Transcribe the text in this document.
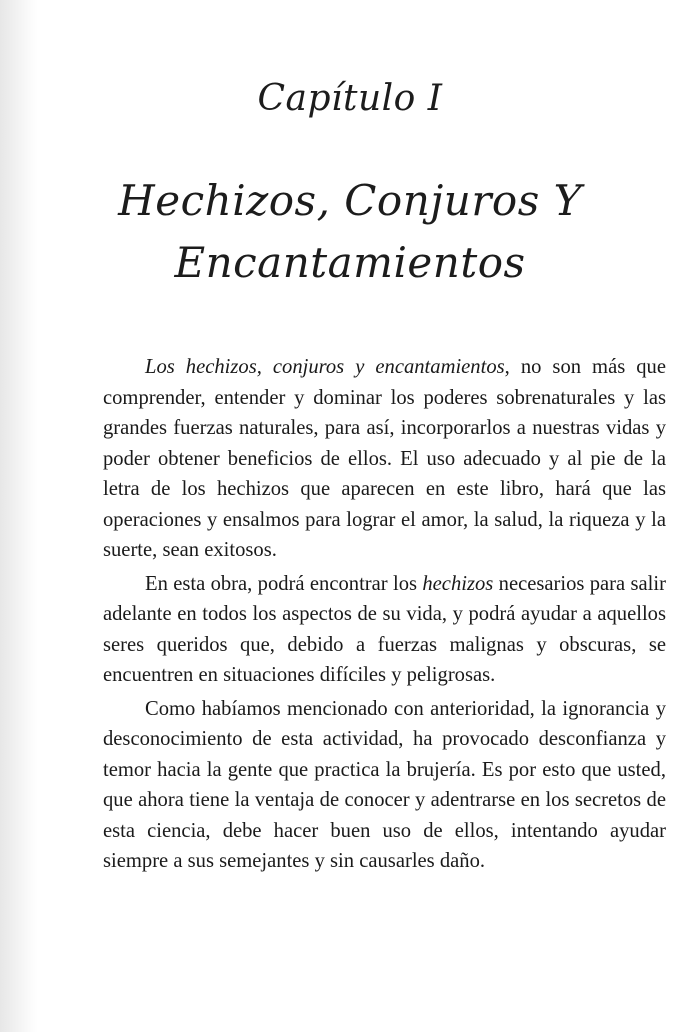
Capítulo I
Hechizos, Conjuros Y
Encantamientos

Los hechizos, conjuros y encantamientos, no son más que comprender, entender y dominar los poderes sobrenaturales y las grandes fuerzas naturales, para así, incorporarlos a nuestras vidas y poder obtener beneficios de ellos. El uso adecuado y al pie de la letra de los hechizos que aparecen en este libro, hará que las operaciones y ensalmos para lograr el amor, la salud, la riqueza y la suerte, sean exitosos.

En esta obra, podrá encontrar los hechizos necesarios para salir adelante en todos los aspectos de su vida, y podrá ayudar a aquellos seres queridos que, debido a fuerzas malignas y obscuras, se encuentren en situaciones difíciles y peligrosas.

Como habíamos mencionado con anterioridad, la ignorancia y desconocimiento de esta actividad, ha provocado desconfianza y temor hacia la gente que practica la brujería. Es por esto que usted, que ahora tiene la ventaja de conocer y adentrarse en los secretos de esta ciencia, debe hacer buen uso de ellos, intentando ayudar siempre a sus semejantes y sin causarles daño.
